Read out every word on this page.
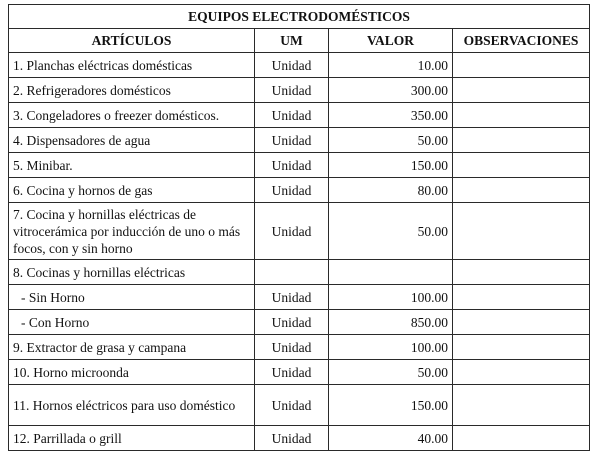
EQUIPOS ELECTRODOMÉSTICOS			
ARTÍCULOS	UM	VALOR	OBSERVACIONES
1. Planchas eléctricas domésticas	Unidad	10.00	
2. Refrigeradores domésticos	Unidad	300.00	
3. Congeladores o freezer domésticos.	Unidad	350.00	
4. Dispensadores de agua	Unidad	50.00	
5. Minibar.	Unidad	150.00	
6. Cocina y hornos de gas	Unidad	80.00	
7. Cocina y hornillas eléctricas de vitrocerámica por inducción de uno o más focos, con y sin horno	Unidad	50.00	
8. Cocinas y hornillas eléctricas			
- Sin Horno	Unidad	100.00	
- Con Horno	Unidad	850.00	
9. Extractor de grasa y campana	Unidad	100.00	
10. Horno microonda	Unidad	50.00	
11. Hornos eléctricos para uso doméstico	Unidad	150.00	
12. Parrillada o grill	Unidad	40.00	
